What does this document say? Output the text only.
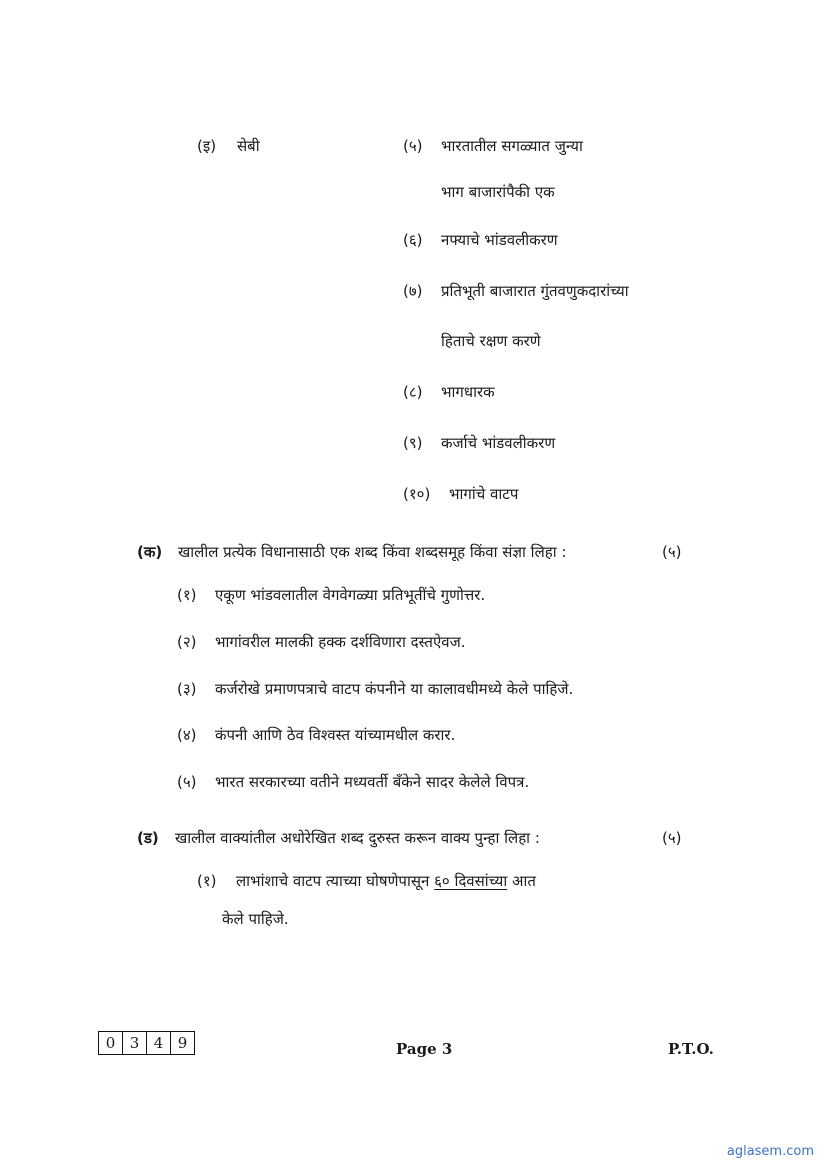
(इ) सेबी	(५) भारतातील सगळ्यात जुन्या
भाग बाजारांपैकी एक
(६) नफ्याचे भांडवलीकरण
(७) प्रतिभूती बाजारात गुंतवणुकदारांच्या
हिताचे रक्षण करणे
(८) भागधारक
(९) कर्जाचे भांडवलीकरण
(१०) भागांचे वाटप
(क) खालील प्रत्येक विधानासाठी एक शब्द किंवा शब्दसमूह किंवा संज्ञा लिहा :	(५)
(१) एकूण भांडवलातील वेगवेगळ्या प्रतिभूतींचे गुणोत्तर.
(२) भागांवरील मालकी हक्क दर्शविणारा दस्तऐवज.
(३) कर्जरोखे प्रमाणपत्राचे वाटप कंपनीने या कालावधीमध्ये केले पाहिजे.
(४) कंपनी आणि ठेव विश्वस्त यांच्यामधील करार.
(५) भारत सरकारच्या वतीने मध्यवर्ती बँकेने सादर केलेले विपत्र.
(ड) खालील वाक्यांतील अधोरेखित शब्द दुरुस्त करून वाक्य पुन्हा लिहा :	(५)
(१) लाभांशाचे वाटप त्याच्या घोषणेपासून ६० दिवसांच्या आत
केले पाहिजे.
0 3 4 9	Page 3	P.T.O.
aglasem.com
